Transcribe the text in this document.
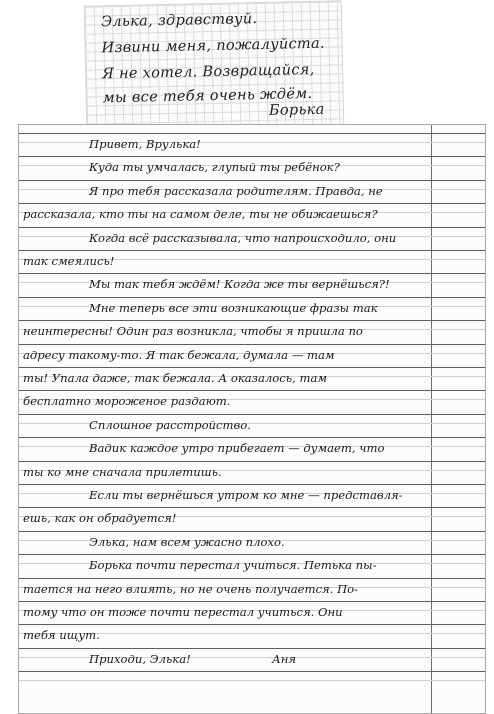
Элька, здравствуй.
Извини меня, пожалуйста.
Я не хотел. Возвращайся,
мы все тебя очень ждём.
Борька
Привет, Врулька!
Куда ты умчалась, глупый ты ребёнок?
Я про тебя рассказала родителям. Правда, не
рассказала, кто ты на самом деле, ты не обижаешься?
Когда всё рассказывала, что напроисходило, они
так смеялись!
Мы так тебя ждём! Когда же ты вернёшься?!
Мне теперь все эти возникающие фразы так
неинтересны! Один раз возникла, чтобы я пришла по
адресу такому-то. Я так бежала, думала — там
ты! Упала даже, так бежала. А оказалось, там
бесплатно мороженое раздают.
Сплошное расстройство.
Вадик каждое утро прибегает — думает, что
ты ко мне сначала прилетишь.
Если ты вернёшься утром ко мне — представля-
ешь, как он обрадуется!
Элька, нам всем ужасно плохо.
Борька почти перестал учиться. Петька пы-
тается на него влиять, но не очень получается. По-
тому что он тоже почти перестал учиться. Они
тебя ищут.
Приходи, Элька!	Аня
